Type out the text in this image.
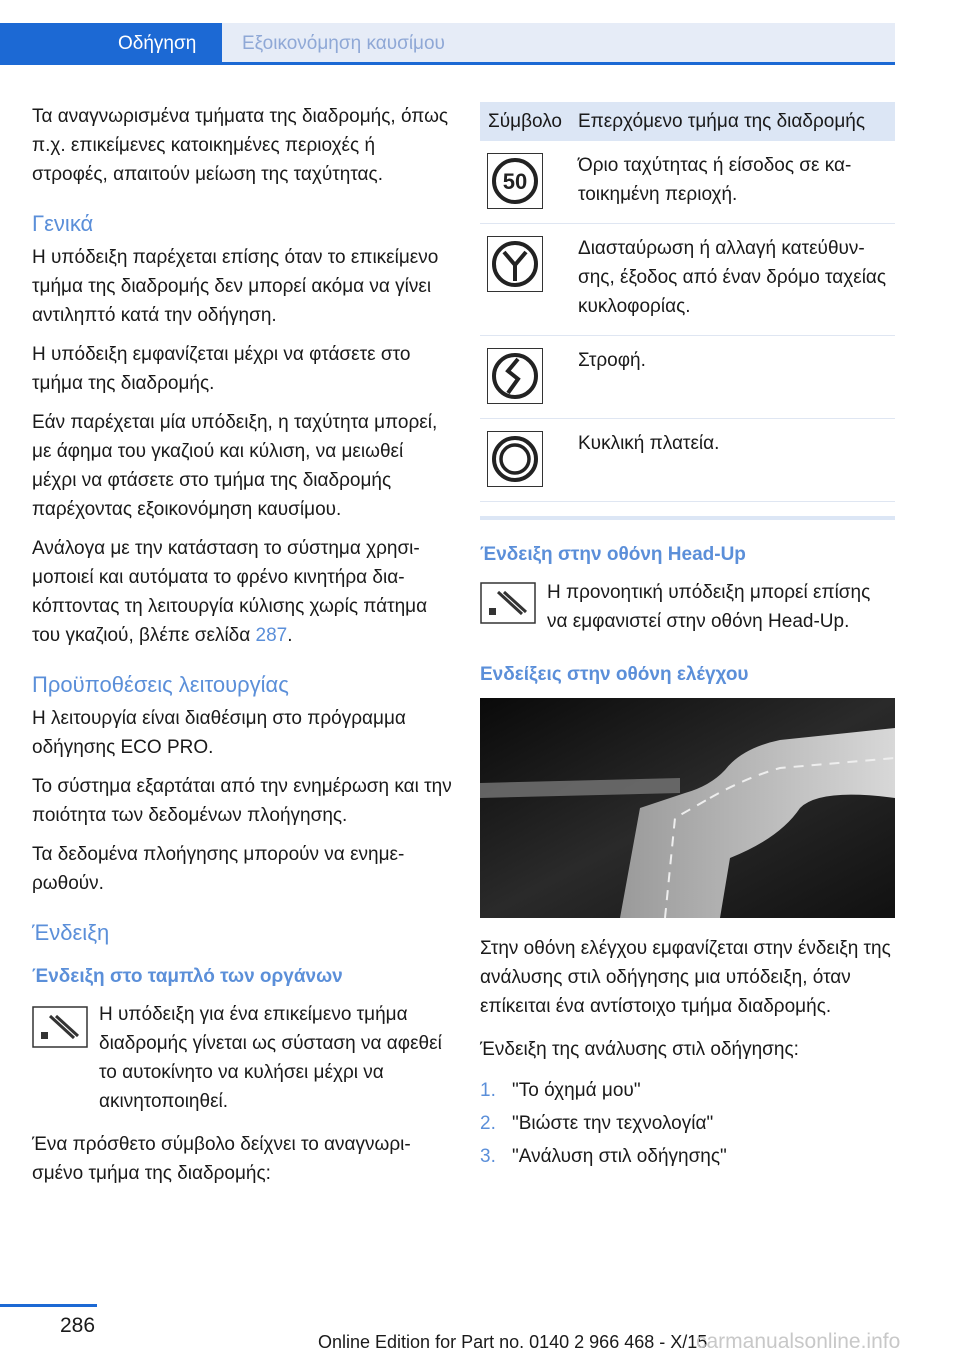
Οδήγηση Εξοικονόμηση καυσίμου

Τα αναγνωρισμένα τμήματα της διαδρομής, όπως π.χ. επικείμενες κατοικημένες περιοχές ή στροφές, απαιτούν μείωση της ταχύτητας.

Γενικά

Η υπόδειξη παρέχεται επίσης όταν το επικείμενο τμήμα της διαδρομής δεν μπορεί ακόμα να γίνει αντιληπτό κατά την οδήγηση.

Η υπόδειξη εμφανίζεται μέχρι να φτάσετε στο τμήμα της διαδρομής.

Εάν παρέχεται μία υπόδειξη, η ταχύτητα μπορεί, με άφημα του γκαζιού και κύλιση, να μειωθεί μέχρι να φτάσετε στο τμήμα της διαδρομής παρέχοντας εξοικονόμηση καυσίμου.

Ανάλογα με την κατάσταση το σύστημα χρησιμοποιεί και αυτόματα το φρένο κινητήρα διακόπτοντας τη λειτουργία κύλισης χωρίς πάτημα του γκαζιού, βλέπε σελίδα 287.

Προϋποθέσεις λειτουργίας

Η λειτουργία είναι διαθέσιμη στο πρόγραμμα οδήγησης ECO PRO.

Το σύστημα εξαρτάται από την ενημέρωση και την ποιότητα των δεδομένων πλοήγησης.

Τα δεδομένα πλοήγησης μπορούν να ενημερωθούν.

Ένδειξη
Ένδειξη στο ταμπλό των οργάνων

Η υπόδειξη για ένα επικείμενο τμήμα διαδρομής γίνεται ως σύσταση να αφεθεί το αυτοκίνητο να κυλήσει μέχρι να ακινητοποιηθεί.

Ένα πρόσθετο σύμβολο δείχνει το αναγνωρισμένο τμήμα της διαδρομής:

Σύμβολο	Επερχόμενο τμήμα της διαδρομής

50	Όριο ταχύτητας ή είσοδος σε κατοικημένη περιοχή.

	Διασταύρωση ή αλλαγή κατεύθυνσης, έξοδος από έναν δρόμο ταχείας κυκλοφορίας.

	Στροφή.

	Κυκλική πλατεία.
Ένδειξη στην οθόνη Head-Up

Η προνοητική υπόδειξη μπορεί επίσης να εμφανιστεί στην οθόνη Head-Up.

Ενδείξεις στην οθόνη ελέγχου

Στην οθόνη ελέγχου εμφανίζεται στην ένδειξη της ανάλυσης στιλ οδήγησης μια υπόδειξη, όταν επίκειται ένα αντίστοιχο τμήμα διαδρομής.

Ένδειξη της ανάλυσης στιλ οδήγησης:

1. "Το όχημά μου"
2. "Βιώστε την τεχνολογία"
3. "Ανάλυση στιλ οδήγησης"
286
Online Edition for Part no. 0140 2 966 468 - X/15
carmanualsonline.info
